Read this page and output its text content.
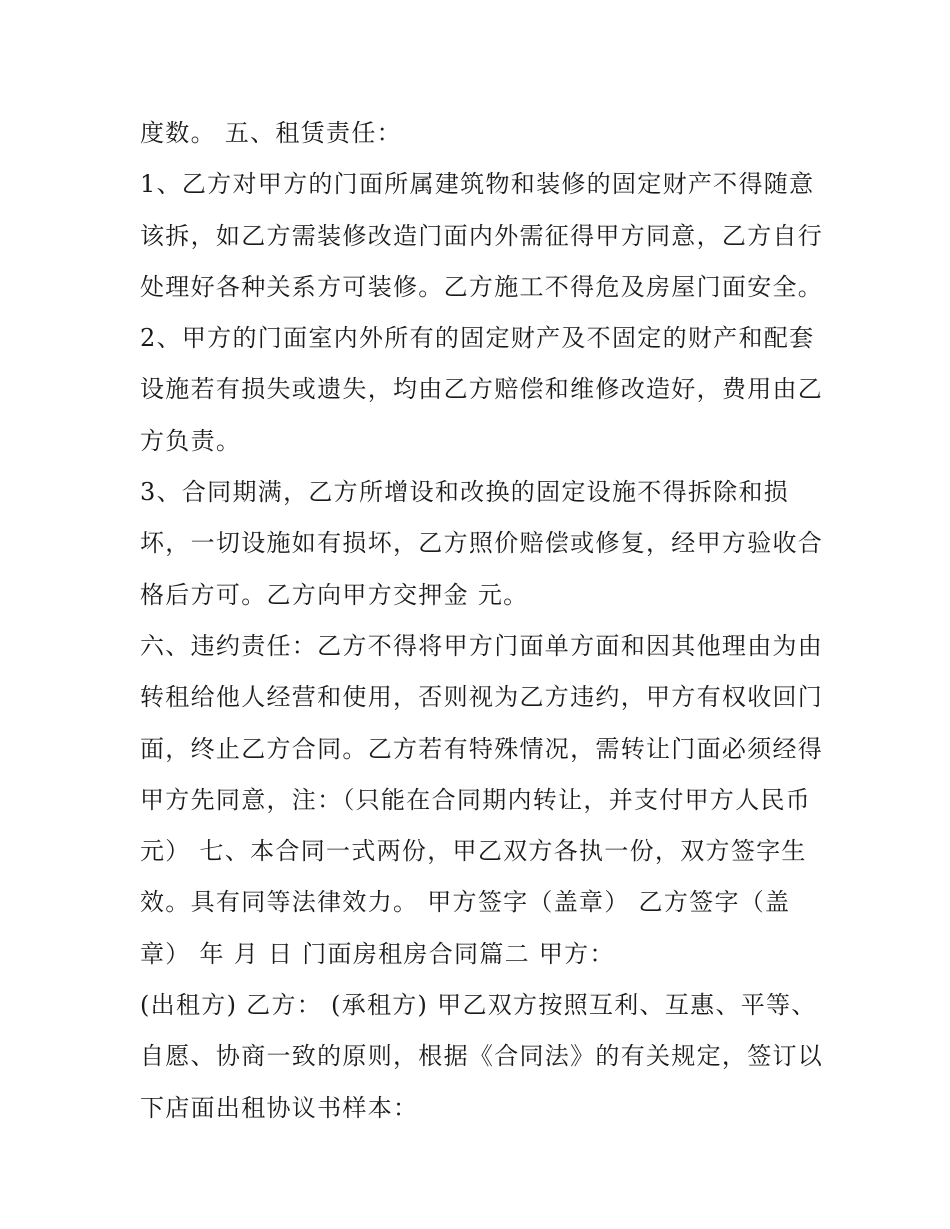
度数。 五、租赁责任：
1、乙方对甲方的门面所属建筑物和装修的固定财产不得随意
该拆，如乙方需装修改造门面内外需征得甲方同意，乙方自行
处理好各种关系方可装修。乙方施工不得危及房屋门面安全。
2、甲方的门面室内外所有的固定财产及不固定的财产和配套
设施若有损失或遗失，均由乙方赔偿和维修改造好，费用由乙
方负责。
3、合同期满，乙方所增设和改换的固定设施不得拆除和损
坏，一切设施如有损坏，乙方照价赔偿或修复，经甲方验收合
格后方可。乙方向甲方交押金 元。
六、违约责任：乙方不得将甲方门面单方面和因其他理由为由
转租给他人经营和使用，否则视为乙方违约，甲方有权收回门
面，终止乙方合同。乙方若有特殊情况，需转让门面必须经得
甲方先同意，注：（只能在合同期内转让，并支付甲方人民币
元） 七、本合同一式两份，甲乙双方各执一份，双方签字生
效。具有同等法律效力。 甲方签字（盖章） 乙方签字（盖
章） 年 月 日 门面房租房合同篇二 甲方：
(出租方) 乙方： (承租方) 甲乙双方按照互利、互惠、平等、
自愿、协商一致的原则，根据《合同法》的有关规定，签订以
下店面出租协议书样本：
